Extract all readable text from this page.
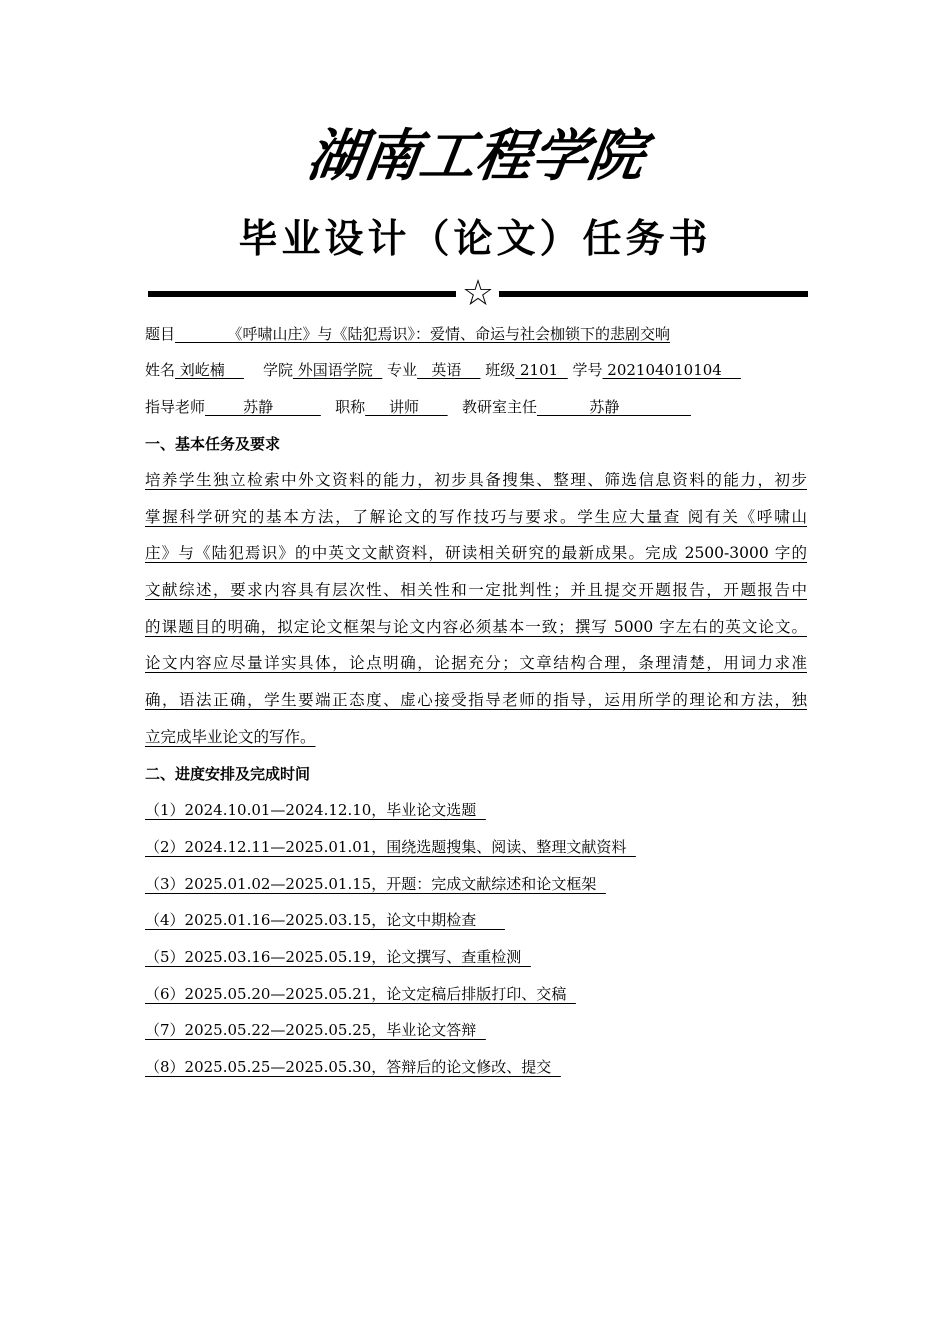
湖南工程学院
毕业设计（论文）任务书
☆
题目           《呼啸山庄》与《陆犯焉识》：爱情、命运与社会枷锁下的悲剧交响
姓名 刘屹楠        学院 外国语学院   专业   英语     班级 2101   学号 202104010104
指导老师        苏静             职称     讲师         教研室主任           苏静
一、基本任务及要求
培养学生独立检索中外文资料的能力，初步具备搜集、整理、筛选信息资料的能力，初步
掌握科学研究的基本方法，了解论文的写作技巧与要求。学生应大量查 阅有关《呼啸山
庄》与《陆犯焉识》的中英文文献资料，研读相关研究的最新成果。完成 2500-3000 字的
文献综述，要求内容具有层次性、相关性和一定批判性；并且提交开题报告，开题报告中
的课题目的明确，拟定论文框架与论文内容必须基本一致；撰写 5000 字左右的英文论文。
论文内容应尽量详实具体，论点明确，论据充分；文章结构合理，条理清楚，用词力求准
确，语法正确，学生要端正态度、虚心接受指导老师的指导，运用所学的理论和方法，独
立完成毕业论文的写作。
二、进度安排及完成时间
（1）2024.10.01—2024.12.10，毕业论文选题
（2）2024.12.11—2025.01.01，围绕选题搜集、阅读、整理文献资料
（3）2025.01.02—2025.01.15，开题：完成文献综述和论文框架
（4）2025.01.16—2025.03.15，论文中期检查
（5）2025.03.16—2025.05.19，论文撰写、查重检测
（6）2025.05.20—2025.05.21，论文定稿后排版打印、交稿
（7）2025.05.22—2025.05.25，毕业论文答辩
（8）2025.05.25—2025.05.30，答辩后的论文修改、提交
